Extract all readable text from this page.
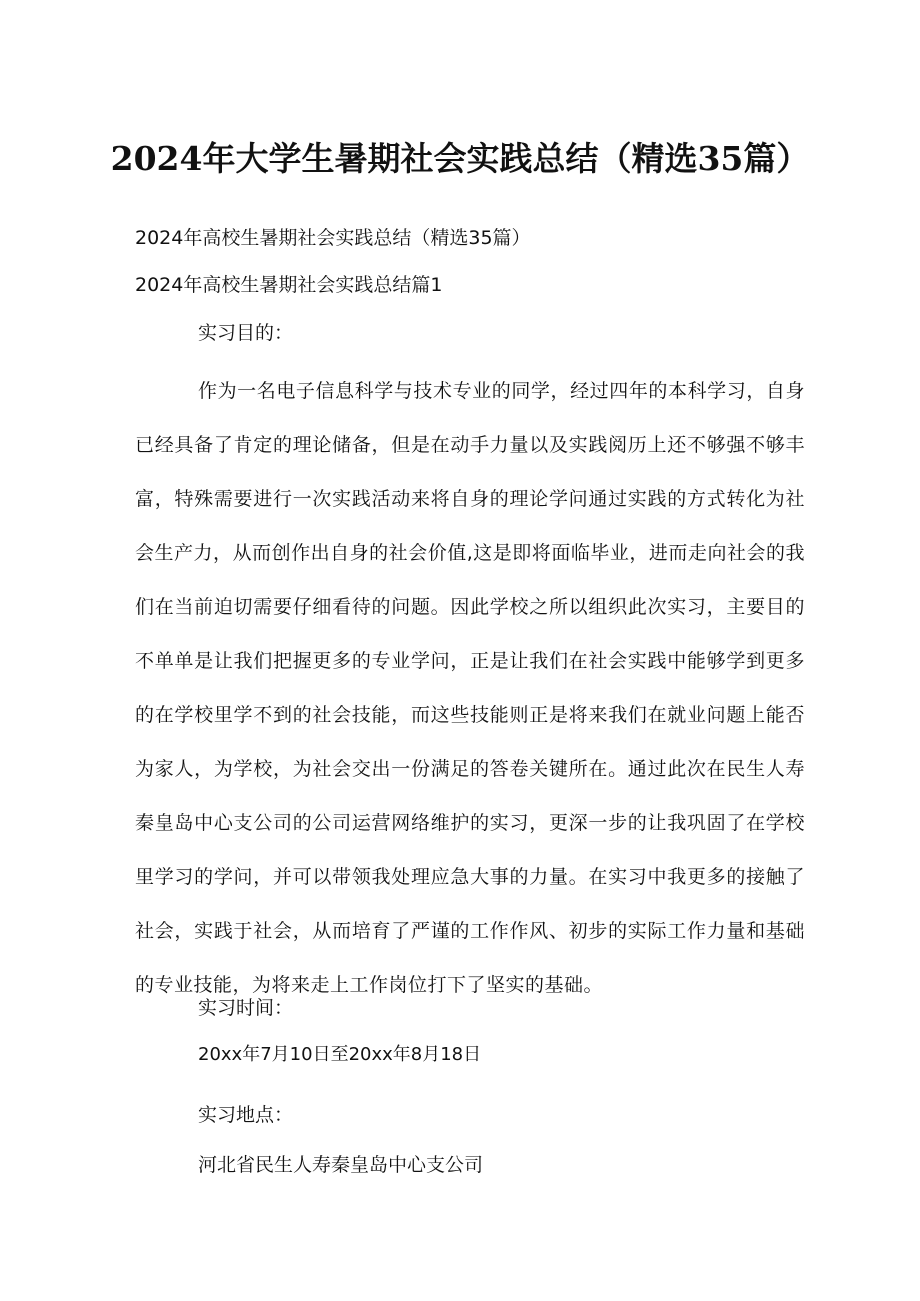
2024年大学生暑期社会实践总结（精选35篇）
2024年高校生暑期社会实践总结（精选35篇）
2024年高校生暑期社会实践总结篇1
实习目的：
作为一名电子信息科学与技术专业的同学，经过四年的本科学习，自身已经具备了肯定的理论储备，但是在动手力量以及实践阅历上还不够强不够丰富，特殊需要进行一次实践活动来将自身的理论学问通过实践的方式转化为社会生产力，从而创作出自身的社会价值,这是即将面临毕业，进而走向社会的我们在当前迫切需要仔细看待的问题。因此学校之所以组织此次实习，主要目的不单单是让我们把握更多的专业学问，正是让我们在社会实践中能够学到更多的在学校里学不到的社会技能，而这些技能则正是将来我们在就业问题上能否为家人，为学校，为社会交出一份满足的答卷关键所在。通过此次在民生人寿秦皇岛中心支公司的公司运营网络维护的实习，更深一步的让我巩固了在学校里学习的学问，并可以带领我处理应急大事的力量。在实习中我更多的接触了社会，实践于社会，从而培育了严谨的工作作风、初步的实际工作力量和基础的专业技能，为将来走上工作岗位打下了坚实的基础。
实习时间：
20xx年7月10日至20xx年8月18日
实习地点：
河北省民生人寿秦皇岛中心支公司
